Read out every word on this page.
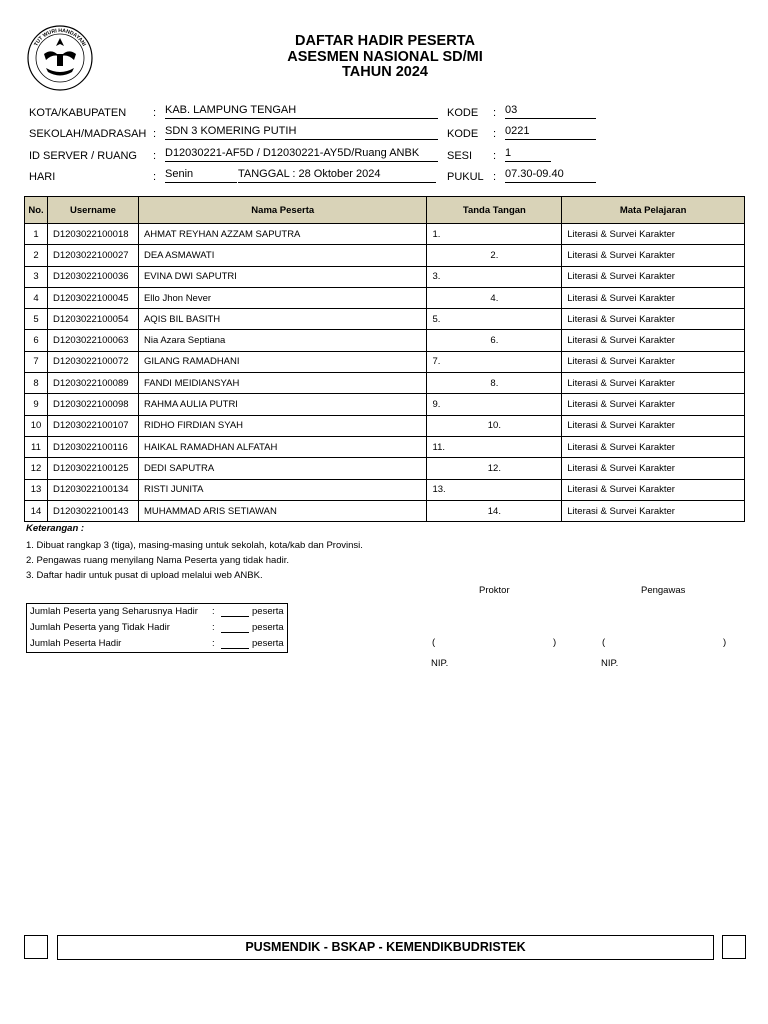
TUT WURI HANDAYANI	DAFTAR HADIR PESERTA
ASESMEN NASIONAL SD/MI
TAHUN 2024
KOTA/KABUPATEN : KAB. LAMPUNG TENGAH
SEKOLAH/MADRASAH : SDN 3 KOMERING PUTIH
ID SERVER / RUANG : D12030221-AF5D / D12030221-AY5D/Ruang ANBK
HARI	: Senin	TANGGAL : 28 Oktober 2024
KODE : 03
KODE : 0221
SESI : 1
PUKUL : 07.30-09.40
No.	Username	Nama Peserta	Tanda Tangan	Mata Pelajaran
1	D1203022100018	AHMAT REYHAN AZZAM SAPUTRA	1.	Literasi & Survei Karakter
2	D1203022100027	DEA ASMAWATI	2.	Literasi & Survei Karakter
3	D1203022100036	EVINA DWI SAPUTRI	3.	Literasi & Survei Karakter
4	D1203022100045	Ello Jhon Never	4.	Literasi & Survei Karakter
5	D1203022100054	AQIS BIL BASITH	5.	Literasi & Survei Karakter
6	D1203022100063	Nia Azara Septiana	6.	Literasi & Survei Karakter
7	D1203022100072	GILANG RAMADHANI	7.	Literasi & Survei Karakter
8	D1203022100089	FANDI MEIDIANSYAH	8.	Literasi & Survei Karakter
9	D1203022100098	RAHMA AULIA PUTRI	9.	Literasi & Survei Karakter
10	D1203022100107	RIDHO FIRDIAN SYAH	10.	Literasi & Survei Karakter
11	D1203022100116	HAIKAL RAMADHAN ALFATAH	11.	Literasi & Survei Karakter
12	D1203022100125	DEDI SAPUTRA	12.	Literasi & Survei Karakter
13	D1203022100134	RISTI JUNITA	13.	Literasi & Survei Karakter
14	D1203022100143	MUHAMMAD ARIS SETIAWAN	14.	Literasi & Survei Karakter
Keterangan :
1. Dibuat rangkap 3 (tiga), masing-masing untuk sekolah, kota/kab dan Provinsi.
2. Pengawas ruang menyilang Nama Peserta yang tidak hadir.
3. Daftar hadir untuk pusat di upload melalui web ANBK.
Jumlah Peserta yang Seharusnya Hadir :	peserta
Jumlah Peserta yang Tidak Hadir	:	peserta
Jumlah Peserta Hadir	:	peserta
Proktor	Pengawas
(	)	(	)
NIP.	NIP.
PUSMENDIK - BSKAP - KEMENDIKBUDRISTEK
